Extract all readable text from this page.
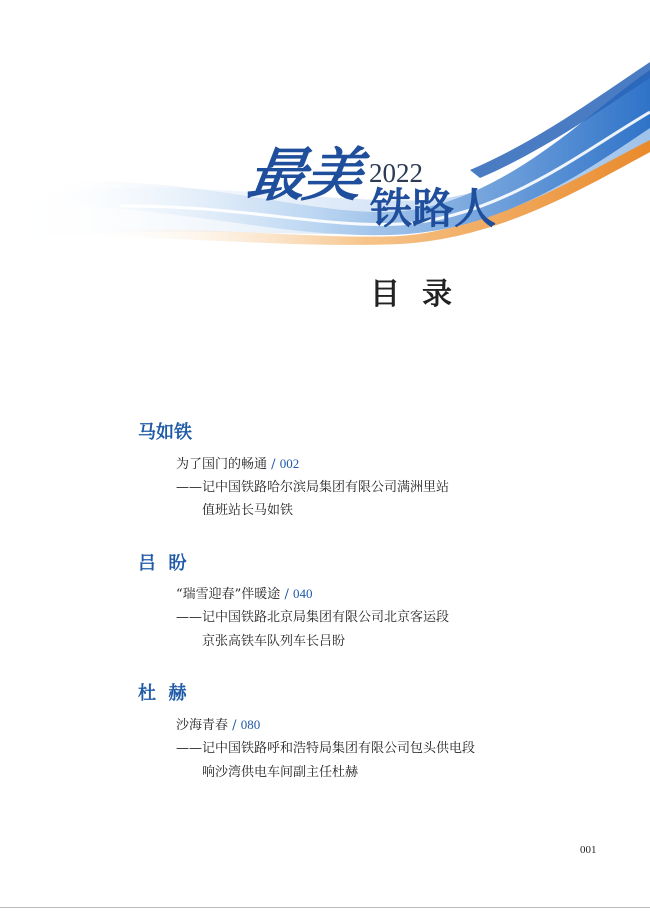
最美 2022
铁路人
目录
马如铁
为了国门的畅通 / 002
——记中国铁路哈尔滨局集团有限公司满洲里站
值班站长马如铁
吕  盼
“瑞雪迎春”伴暖途 / 040
——记中国铁路北京局集团有限公司北京客运段
京张高铁车队列车长吕盼
杜  赫
沙海青春 / 080
——记中国铁路呼和浩特局集团有限公司包头供电段
响沙湾供电车间副主任杜赫
001
